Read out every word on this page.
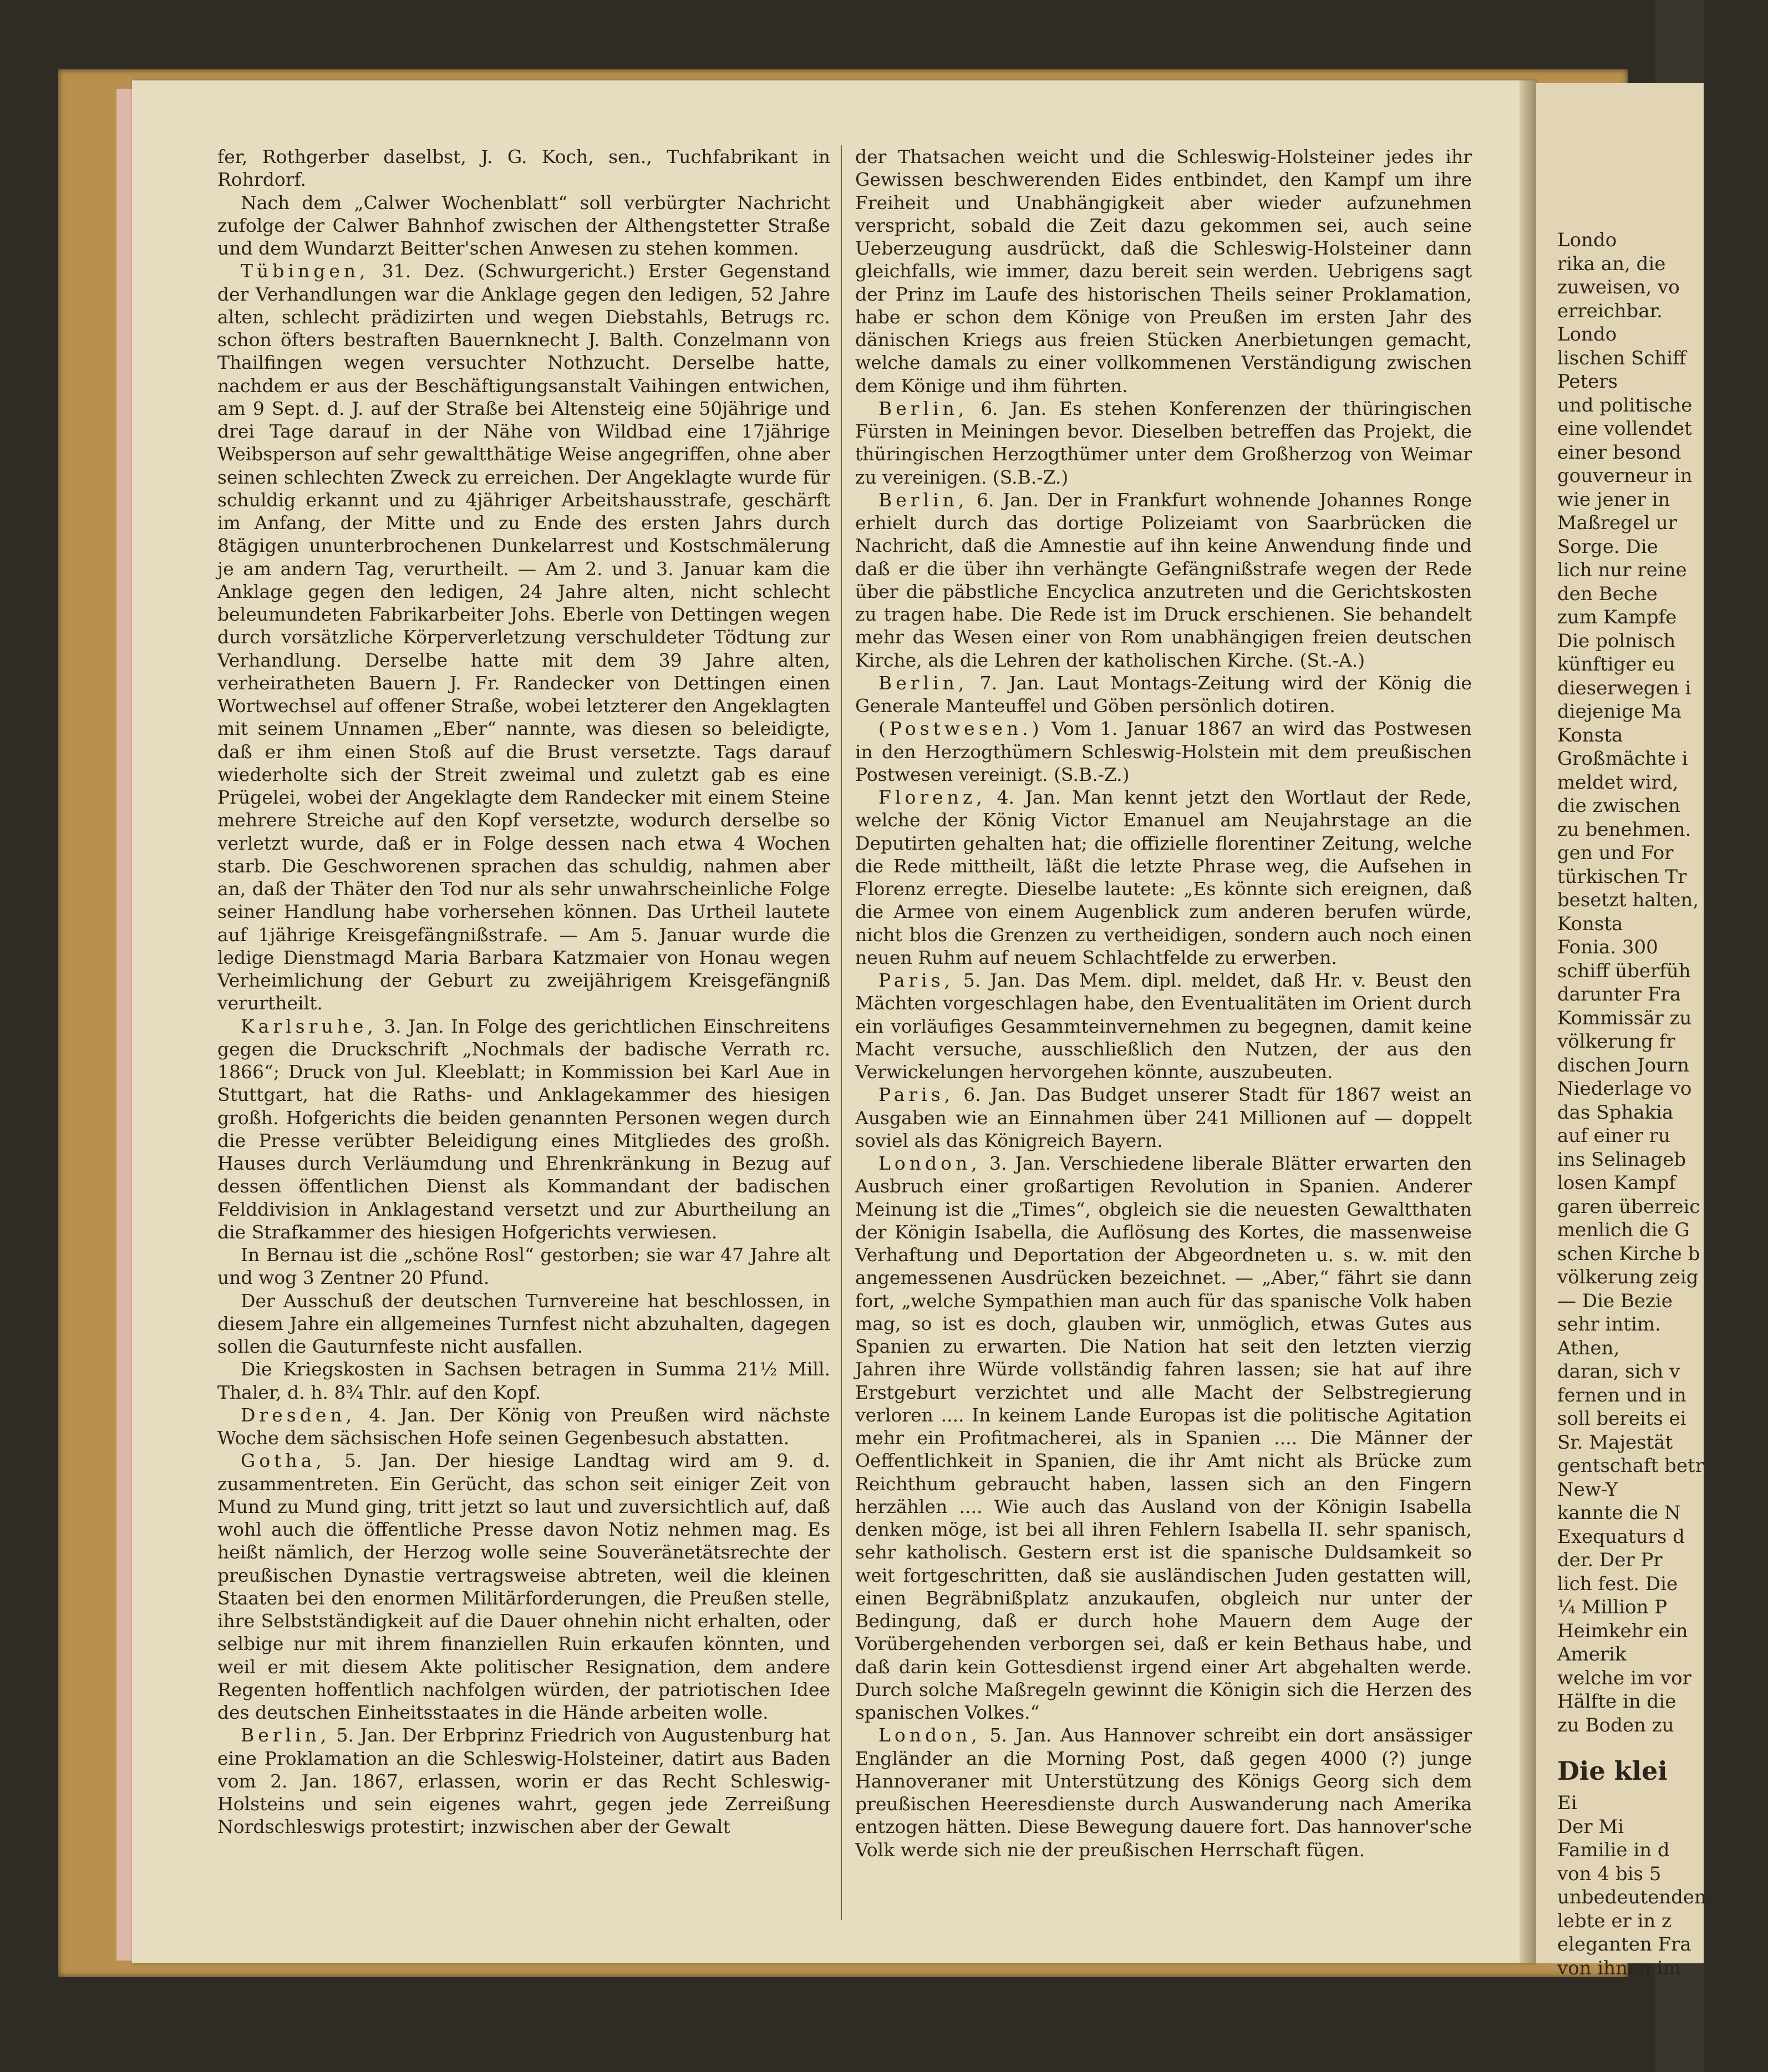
fer, Rothgerber daselbst, J. G. Koch, sen., Tuchfabrikant in Rohrdorf.

Nach dem „Calwer Wochenblatt“ soll verbürgter Nachricht zufolge der Calwer Bahnhof zwischen der Althengstetter Straße und dem Wundarzt Beitter'schen Anwesen zu stehen kommen.

Tübingen, 31. Dez. (Schwurgericht.) Erster Gegenstand der Verhandlungen war die Anklage gegen den ledigen, 52 Jahre alten, schlecht prädizirten und wegen Diebstahls, Betrugs rc. schon öfters bestraften Bauernknecht J. Balth. Conzelmann von Thailfingen wegen versuchter Nothzucht. Derselbe hatte, nachdem er aus der Beschäftigungsanstalt Vaihingen entwichen, am 9 Sept. d. J. auf der Straße bei Altensteig eine 50jährige und drei Tage darauf in der Nähe von Wildbad eine 17jährige Weibsperson auf sehr gewaltthätige Weise angegriffen, ohne aber seinen schlechten Zweck zu erreichen. Der Angeklagte wurde für schuldig erkannt und zu 4jähriger Arbeitshausstrafe, geschärft im Anfang, der Mitte und zu Ende des ersten Jahrs durch 8tägigen ununterbrochenen Dunkelarrest und Kostschmälerung je am andern Tag, verurtheilt. — Am 2. und 3. Januar kam die Anklage gegen den ledigen, 24 Jahre alten, nicht schlecht beleumundeten Fabrikarbeiter Johs. Eberle von Dettingen wegen durch vorsätzliche Körperverletzung verschuldeter Tödtung zur Verhandlung. Derselbe hatte mit dem 39 Jahre alten, verheiratheten Bauern J. Fr. Randecker von Dettingen einen Wortwechsel auf offener Straße, wobei letzterer den Angeklagten mit seinem Unnamen „Eber“ nannte, was diesen so beleidigte, daß er ihm einen Stoß auf die Brust versetzte. Tags darauf wiederholte sich der Streit zweimal und zuletzt gab es eine Prügelei, wobei der Angeklagte dem Randecker mit einem Steine mehrere Streiche auf den Kopf versetzte, wodurch derselbe so verletzt wurde, daß er in Folge dessen nach etwa 4 Wochen starb. Die Geschworenen sprachen das schuldig, nahmen aber an, daß der Thäter den Tod nur als sehr unwahrscheinliche Folge seiner Handlung habe vorhersehen können. Das Urtheil lautete auf 1jährige Kreisgefängnißstrafe. — Am 5. Januar wurde die ledige Dienstmagd Maria Barbara Katzmaier von Honau wegen Verheimlichung der Geburt zu zweijährigem Kreisgefängniß verurtheilt.

Karlsruhe, 3. Jan. In Folge des gerichtlichen Einschreitens gegen die Druckschrift „Nochmals der badische Verrath rc. 1866“; Druck von Jul. Kleeblatt; in Kommission bei Karl Aue in Stuttgart, hat die Raths- und Anklagekammer des hiesigen großh. Hofgerichts die beiden genannten Personen wegen durch die Presse verübter Beleidigung eines Mitgliedes des großh. Hauses durch Verläumdung und Ehrenkränkung in Bezug auf dessen öffentlichen Dienst als Kommandant der badischen Felddivision in Anklagestand versetzt und zur Aburtheilung an die Strafkammer des hiesigen Hofgerichts verwiesen.

In Bernau ist die „schöne Rosl“ gestorben; sie war 47 Jahre alt und wog 3 Zentner 20 Pfund.

Der Ausschuß der deutschen Turnvereine hat beschlossen, in diesem Jahre ein allgemeines Turnfest nicht abzuhalten, dagegen sollen die Gauturnfeste nicht ausfallen.

Die Kriegskosten in Sachsen betragen in Summa 21½ Mill. Thaler, d. h. 8¾ Thlr. auf den Kopf.

Dresden, 4. Jan. Der König von Preußen wird nächste Woche dem sächsischen Hofe seinen Gegenbesuch abstatten.

Gotha, 5. Jan. Der hiesige Landtag wird am 9. d. zusammentreten. Ein Gerücht, das schon seit einiger Zeit von Mund zu Mund ging, tritt jetzt so laut und zuversichtlich auf, daß wohl auch die öffentliche Presse davon Notiz nehmen mag. Es heißt nämlich, der Herzog wolle seine Souveränetätsrechte der preußischen Dynastie vertragsweise abtreten, weil die kleinen Staaten bei den enormen Militärforderungen, die Preußen stelle, ihre Selbstständigkeit auf die Dauer ohnehin nicht erhalten, oder selbige nur mit ihrem finanziellen Ruin erkaufen könnten, und weil er mit diesem Akte politischer Resignation, dem andere Regenten hoffentlich nachfolgen würden, der patriotischen Idee des deutschen Einheitsstaates in die Hände arbeiten wolle.

Berlin, 5. Jan. Der Erbprinz Friedrich von Augustenburg hat eine Proklamation an die Schleswig-Holsteiner, datirt aus Baden vom 2. Jan. 1867, erlassen, worin er das Recht Schleswig-Holsteins und sein eigenes wahrt, gegen jede Zerreißung Nordschleswigs protestirt; inzwischen aber der Gewalt

der Thatsachen weicht und die Schleswig-Holsteiner jedes ihr Gewissen beschwerenden Eides entbindet, den Kampf um ihre Freiheit und Unabhängigkeit aber wieder aufzunehmen verspricht, sobald die Zeit dazu gekommen sei, auch seine Ueberzeugung ausdrückt, daß die Schleswig-Holsteiner dann gleichfalls, wie immer, dazu bereit sein werden. Uebrigens sagt der Prinz im Laufe des historischen Theils seiner Proklamation, habe er schon dem Könige von Preußen im ersten Jahr des dänischen Kriegs aus freien Stücken Anerbietungen gemacht, welche damals zu einer vollkommenen Verständigung zwischen dem Könige und ihm führten.

Berlin, 6. Jan. Es stehen Konferenzen der thüringischen Fürsten in Meiningen bevor. Dieselben betreffen das Projekt, die thüringischen Herzogthümer unter dem Großherzog von Weimar zu vereinigen. (S.B.-Z.)

Berlin, 6. Jan. Der in Frankfurt wohnende Johannes Ronge erhielt durch das dortige Polizeiamt von Saarbrücken die Nachricht, daß die Amnestie auf ihn keine Anwendung finde und daß er die über ihn verhängte Gefängnißstrafe wegen der Rede über die päbstliche Encyclica anzutreten und die Gerichtskosten zu tragen habe. Die Rede ist im Druck erschienen. Sie behandelt mehr das Wesen einer von Rom unabhängigen freien deutschen Kirche, als die Lehren der katholischen Kirche. (St.-A.)

Berlin, 7. Jan. Laut Montags-Zeitung wird der König die Generale Manteuffel und Göben persönlich dotiren.

(Postwesen.) Vom 1. Januar 1867 an wird das Postwesen in den Herzogthümern Schleswig-Holstein mit dem preußischen Postwesen vereinigt. (S.B.-Z.)

Florenz, 4. Jan. Man kennt jetzt den Wortlaut der Rede, welche der König Victor Emanuel am Neujahrstage an die Deputirten gehalten hat; die offizielle florentiner Zeitung, welche die Rede mittheilt, läßt die letzte Phrase weg, die Aufsehen in Florenz erregte. Dieselbe lautete: „Es könnte sich ereignen, daß die Armee von einem Augenblick zum anderen berufen würde, nicht blos die Grenzen zu vertheidigen, sondern auch noch einen neuen Ruhm auf neuem Schlachtfelde zu erwerben.

Paris, 5. Jan. Das Mem. dipl. meldet, daß Hr. v. Beust den Mächten vorgeschlagen habe, den Eventualitäten im Orient durch ein vorläufiges Gesammteinvernehmen zu begegnen, damit keine Macht versuche, ausschließlich den Nutzen, der aus den Verwickelungen hervorgehen könnte, auszubeuten.

Paris, 6. Jan. Das Budget unserer Stadt für 1867 weist an Ausgaben wie an Einnahmen über 241 Millionen auf — doppelt soviel als das Königreich Bayern.

London, 3. Jan. Verschiedene liberale Blätter erwarten den Ausbruch einer großartigen Revolution in Spanien. Anderer Meinung ist die „Times“, obgleich sie die neuesten Gewaltthaten der Königin Isabella, die Auflösung des Kortes, die massenweise Verhaftung und Deportation der Abgeordneten u. s. w. mit den angemessenen Ausdrücken bezeichnet. — „Aber,“ fährt sie dann fort, „welche Sympathien man auch für das spanische Volk haben mag, so ist es doch, glauben wir, unmöglich, etwas Gutes aus Spanien zu erwarten. Die Nation hat seit den letzten vierzig Jahren ihre Würde vollständig fahren lassen; sie hat auf ihre Erstgeburt verzichtet und alle Macht der Selbstregierung verloren .... In keinem Lande Europas ist die politische Agitation mehr ein Profitmacherei, als in Spanien .... Die Männer der Oeffentlichkeit in Spanien, die ihr Amt nicht als Brücke zum Reichthum gebraucht haben, lassen sich an den Fingern herzählen .... Wie auch das Ausland von der Königin Isabella denken möge, ist bei all ihren Fehlern Isabella II. sehr spanisch, sehr katholisch. Gestern erst ist die spanische Duldsamkeit so weit fortgeschritten, daß sie ausländischen Juden gestatten will, einen Begräbnißplatz anzukaufen, obgleich nur unter der Bedingung, daß er durch hohe Mauern dem Auge der Vorübergehenden verborgen sei, daß er kein Bethaus habe, und daß darin kein Gottesdienst irgend einer Art abgehalten werde. Durch solche Maßregeln gewinnt die Königin sich die Herzen des spanischen Volkes.“

London, 5. Jan. Aus Hannover schreibt ein dort ansässiger Engländer an die Morning Post, daß gegen 4000 (?) junge Hannoveraner mit Unterstützung des Königs Georg sich dem preußischen Heeresdienste durch Auswanderung nach Amerika entzogen hätten. Diese Bewegung dauere fort. Das hannover'sche Volk werde sich nie der preußischen Herrschaft fügen.

Londo
rika an, die
zuweisen, vo
erreichbar.
Londo
lischen Schiff
Peters
und politische
eine vollendet
einer besond
gouverneur in
wie jener in
Maßregel ur
Sorge. Die
lich nur reine
den Beche
zum Kampfe
Die polnisch
künftiger eu
dieserwegen i
diejenige Ma
Konsta
Großmächte i
meldet wird,
die zwischen
zu benehmen.
gen und For
türkischen Tr
besetzt halten,
Konsta
Fonia. 300
schiff überfüh
darunter Fra
Kommissär zu
völkerung fr
dischen Journ
Niederlage vo
das Sphakia
auf einer ru
ins Selinageb
losen Kampf
garen überreic
menlich die G
schen Kirche b
völkerung zeig
— Die Bezie
sehr intim.
Athen,
daran, sich v
fernen und in
soll bereits ei
Sr. Majestät
gentschaft betr
New-Y
kannte die N
Exequaturs d
der. Der Pr
lich fest. Die
¼ Million P
Heimkehr ein
Amerik
welche im vor
Hälfte in die
zu Boden zu
Die klei
Ei
Der Mi
Familie in d
von 4 bis 5
unbedeutenden
lebte er in z
eleganten Fra
von ihnen im
